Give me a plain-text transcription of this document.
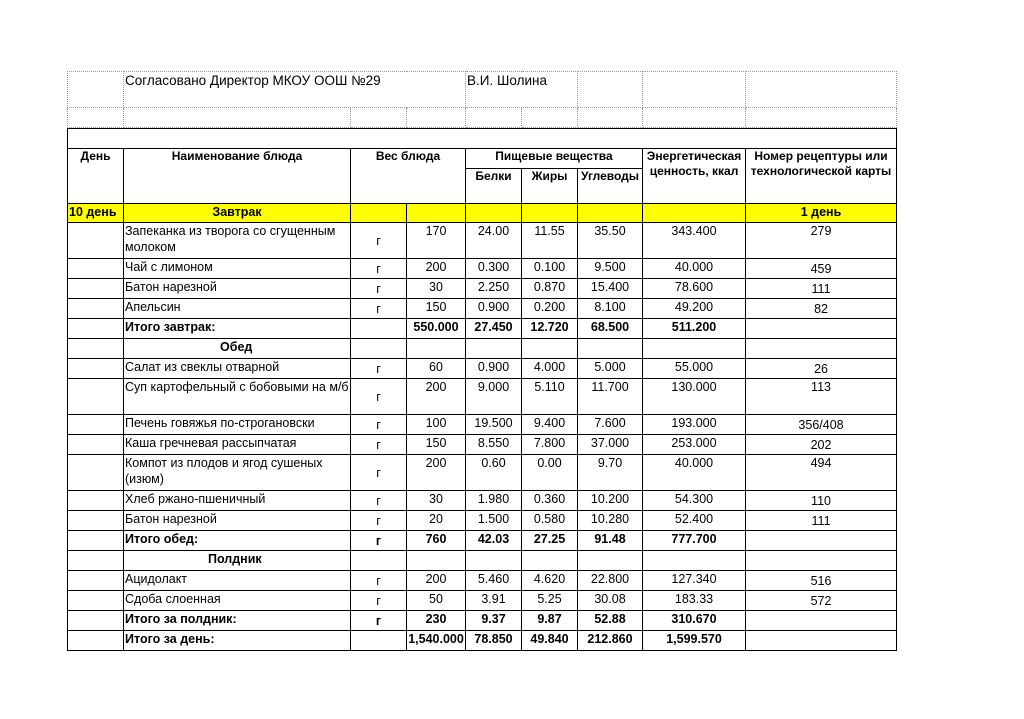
	Согласовано Директор МКОУ ООШ №29			В.И. Шолина				

День	Наименование блюда	Вес блюда		Пищевые вещества			Энергетическая ценность, ккал	Номер рецептуры или технологической карты
				Белки	Жиры	Углеводы		
10 день	Завтрак							1 день
	Запеканка из творога со сгущенным молоком	г	170	24.00	11.55	35.50	343.400	279
	Чай с лимоном	г	200	0.300	0.100	9.500	40.000	459
	Батон нарезной	г	30	2.250	0.870	15.400	78.600	111
	Апельсин	г	150	0.900	0.200	8.100	49.200	82
	Итого завтрак:		550.000	27.450	12.720	68.500	511.200	
	Обед							
	Салат из свеклы отварной	г	60	0.900	4.000	5.000	55.000	26
	Суп картофельный с бобовыми на м/б	г	200	9.000	5.110	11.700	130.000	113
	Печень говяжья по-строгановски	г	100	19.500	9.400	7.600	193.000	356/408
	Каша гречневая рассыпчатая	г	150	8.550	7.800	37.000	253.000	202
	Компот из плодов и ягод сушеных (изюм)	г	200	0.60	0.00	9.70	40.000	494
	Хлеб ржано-пшеничный	г	30	1.980	0.360	10.200	54.300	110
	Батон нарезной	г	20	1.500	0.580	10.280	52.400	111
	Итого обед:	г	760	42.03	27.25	91.48	777.700	
	Полдник							
	Ацидолакт	г	200	5.460	4.620	22.800	127.340	516
	Сдоба слоенная	г	50	3.91	5.25	30.08	183.33	572
	Итого за полдник:	г	230	9.37	9.87	52.88	310.670	
	Итого за день:		1,540.000	78.850	49.840	212.860	1,599.570	
